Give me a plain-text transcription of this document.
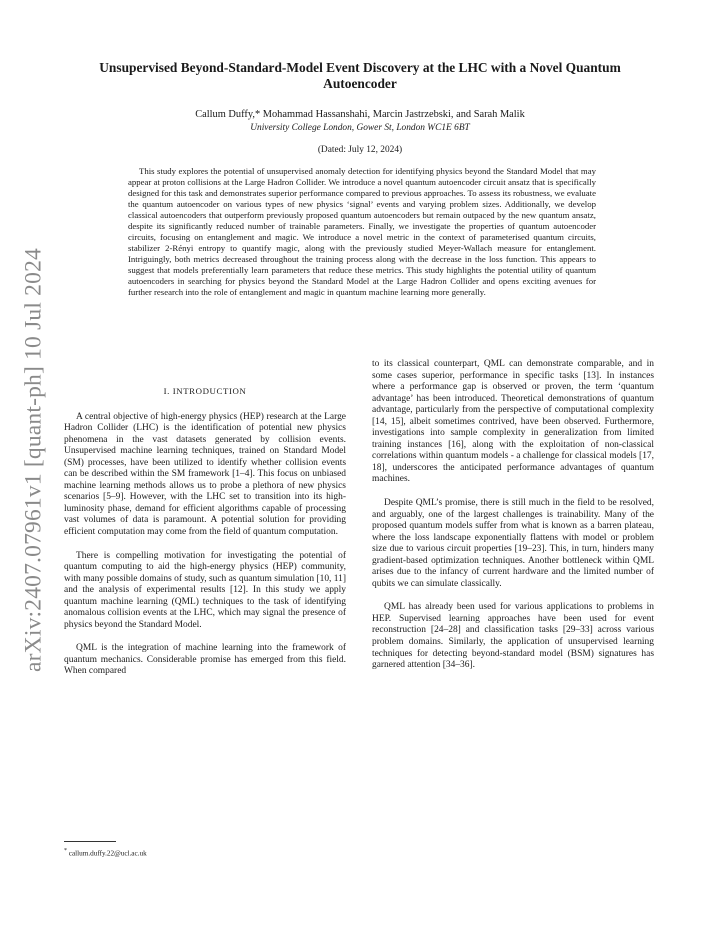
arXiv:2407.07961v1 [quant-ph] 10 Jul 2024
Unsupervised Beyond-Standard-Model Event Discovery at the LHC with a Novel Quantum Autoencoder
Callum Duffy,* Mohammad Hassanshahi, Marcin Jastrzebski, and Sarah Malik
University College London, Gower St, London WC1E 6BT
(Dated: July 12, 2024)
This study explores the potential of unsupervised anomaly detection for identifying physics beyond the Standard Model that may appear at proton collisions at the Large Hadron Collider. We introduce a novel quantum autoencoder circuit ansatz that is specifically designed for this task and demonstrates superior performance compared to previous approaches. To assess its robustness, we evaluate the quantum autoencoder on various types of new physics ‘signal’ events and varying problem sizes. Additionally, we develop classical autoencoders that outperform previously proposed quantum autoencoders but remain outpaced by the new quantum ansatz, despite its significantly reduced number of trainable parameters. Finally, we investigate the properties of quantum autoencoder circuits, focusing on entanglement and magic. We introduce a novel metric in the context of parameterised quantum circuits, stabilizer 2-Rényi entropy to quantify magic, along with the previously studied Meyer-Wallach measure for entanglement. Intriguingly, both metrics decreased throughout the training process along with the decrease in the loss function. This appears to suggest that models preferentially learn parameters that reduce these metrics. This study highlights the potential utility of quantum autoencoders in searching for physics beyond the Standard Model at the Large Hadron Collider and opens exciting avenues for further research into the role of entanglement and magic in quantum machine learning more generally.
I. INTRODUCTION

A central objective of high-energy physics (HEP) research at the Large Hadron Collider (LHC) is the identification of potential new physics phenomena in the vast datasets generated by collision events. Unsupervised machine learning techniques, trained on Standard Model (SM) processes, have been utilized to identify whether collision events can be described within the SM framework [1–4]. This focus on unbiased machine learning methods allows us to probe a plethora of new physics scenarios [5–9]. However, with the LHC set to transition into its high-luminosity phase, demand for efficient algorithms capable of processing vast volumes of data is paramount. A potential solution for providing efficient computation may come from the field of quantum computation.

There is compelling motivation for investigating the potential of quantum computing to aid the high-energy physics (HEP) community, with many possible domains of study, such as quantum simulation [10, 11] and the analysis of experimental results [12]. In this study we apply quantum machine learning (QML) techniques to the task of identifying anomalous collision events at the LHC, which may signal the presence of physics beyond the Standard Model.

QML is the integration of machine learning into the framework of quantum mechanics. Considerable promise has emerged from this field. When compared

to its classical counterpart, QML can demonstrate comparable, and in some cases superior, performance in specific tasks [13]. In instances where a performance gap is observed or proven, the term ‘quantum advantage’ has been introduced. Theoretical demonstrations of quantum advantage, particularly from the perspective of computational complexity [14, 15], albeit sometimes contrived, have been observed. Furthermore, investigations into sample complexity in generalization from limited training instances [16], along with the exploitation of non-classical correlations within quantum models - a challenge for classical models [17, 18], underscores the anticipated performance advantages of quantum machines.

Despite QML’s promise, there is still much in the field to be resolved, and arguably, one of the largest challenges is trainability. Many of the proposed quantum models suffer from what is known as a barren plateau, where the loss landscape exponentially flattens with model or problem size due to various circuit properties [19–23]. This, in turn, hinders many gradient-based optimization techniques. Another bottleneck within QML arises due to the infancy of current hardware and the limited number of qubits we can simulate classically.

QML has already been used for various applications to problems in HEP. Supervised learning approaches have been used for event reconstruction [24–28] and classification tasks [29–33] across various problem domains. Similarly, the application of unsupervised learning techniques for detecting beyond-standard model (BSM) signatures has garnered attention [34–36].

* callum.duffy.22@ucl.ac.uk
